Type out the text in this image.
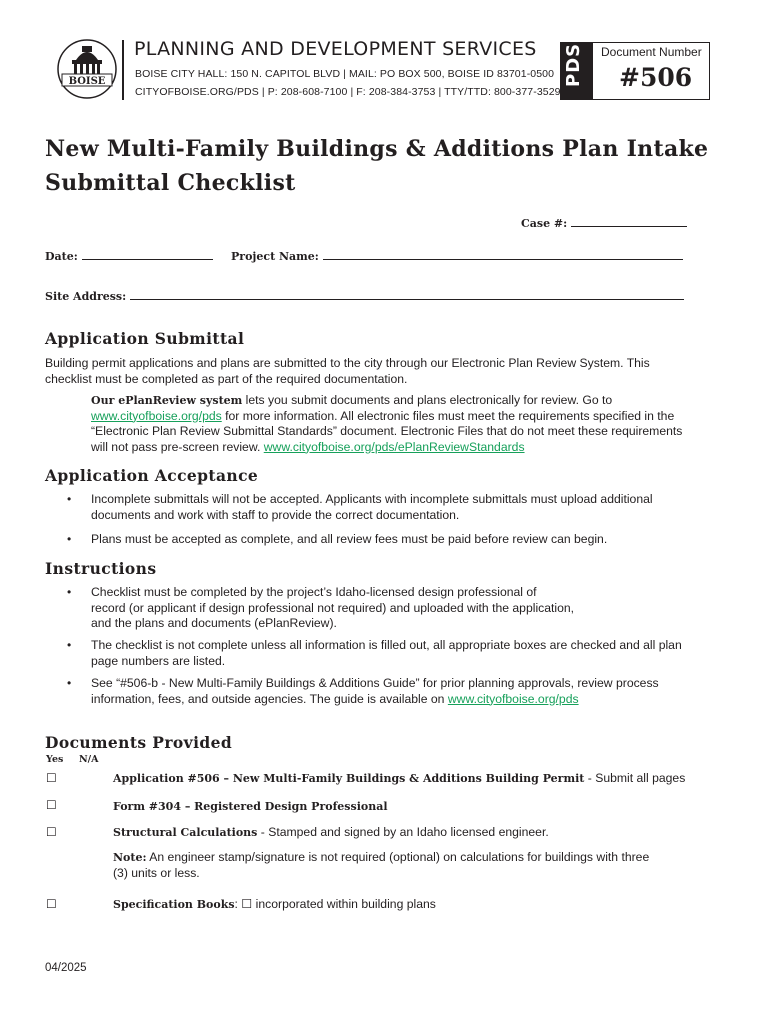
BOISE
PLANNING AND DEVELOPMENT SERVICES
BOISE CITY HALL: 150 N. CAPITOL BLVD | MAIL: PO BOX 500, BOISE ID 83701-0500
CITYOFBOISE.ORG/PDS | P: 208-608-7100 | F: 208-384-3753 | TTY/TTD: 800-377-3529
PDS Document Number
#506
New Multi-Family Buildings & Additions Plan Intake
Submittal Checklist
Case #:
Date:	Project Name:
Site Address:
Application Submittal
Building permit applications and plans are submitted to the city through our Electronic Plan Review System. This
checklist must be completed as part of the required documentation.
Our ePlanReview system lets you submit documents and plans electronically for review. Go to
www.cityofboise.org/pds for more information. All electronic files must meet the requirements specified in the
“Electronic Plan Review Submittal Standards” document. Electronic Files that do not meet these requirements
will not pass pre-screen review. www.cityofboise.org/pds/ePlanReviewStandards
Application Acceptance
• Incomplete submittals will not be accepted. Applicants with incomplete submittals must upload additional
documents and work with staff to provide the correct documentation.
• Plans must be accepted as complete, and all review fees must be paid before review can begin.
Instructions
• Checklist must be completed by the project’s Idaho-licensed design professional of
record (or applicant if design professional not required) and uploaded with the application,
and the plans and documents (ePlanReview).
• The checklist is not complete unless all information is filled out, all appropriate boxes are checked and all plan
page numbers are listed.
• See “#506-b - New Multi-Family Buildings & Additions Guide” for prior planning approvals, review process
information, fees, and outside agencies. The guide is available on www.cityofboise.org/pds
Documents Provided
Yes N/A
☐	Application #506 – New Multi-Family Buildings & Additions Building Permit - Submit all pages
☐	Form #304 – Registered Design Professional
☐	Structural Calculations - Stamped and signed by an Idaho licensed engineer.
Note: An engineer stamp/signature is not required (optional) on calculations for buildings with three
(3) units or less.
☐	Specification Books: ☐ incorporated within building plans
04/2025
